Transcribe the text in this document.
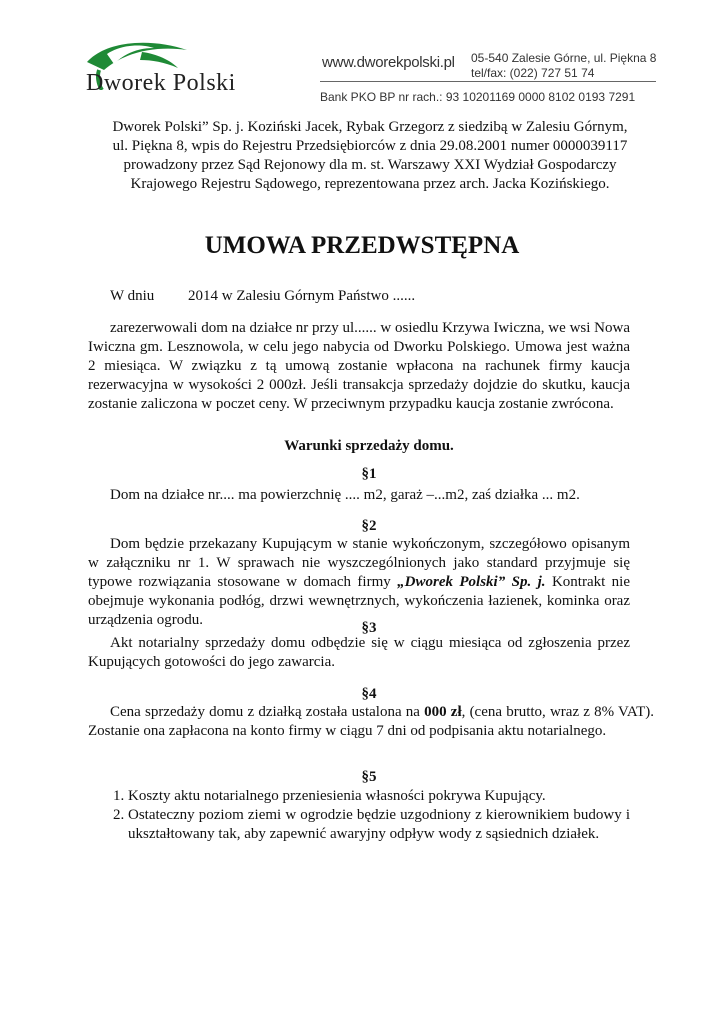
Dworek Polski
www.dworekpolski.pl 05-540 Zalesie Górne, ul. Piękna 8
tel/fax: (022) 727 51 74
Bank PKO BP nr rach.: 93 10201169 0000 8102 0193 7291
Dworek Polski” Sp. j. Koziński Jacek, Rybak Grzegorz z siedzibą w Zalesiu Górnym,
ul. Piękna 8, wpis do Rejestru Przedsiębiorców z dnia 29.08.2001 numer 0000039117
prowadzony przez Sąd Rejonowy dla m. st. Warszawy XXI Wydział Gospodarczy
Krajowego Rejestru Sądowego, reprezentowana przez arch. Jacka Kozińskiego.
UMOWA PRZEDWSTĘPNA
W dniu         2014 w Zalesiu Górnym Państwo ......
zarezerwowali dom na działce nr przy ul...... w osiedlu Krzywa Iwiczna, we wsi Nowa Iwiczna gm. Lesznowola, w celu jego nabycia od Dworku Polskiego. Umowa jest ważna 2 miesiąca. W związku z tą umową zostanie wpłacona na rachunek firmy kaucja rezerwacyjna w wysokości 2 000zł. Jeśli transakcja sprzedaży dojdzie do skutku, kaucja zostanie zaliczona w poczet ceny. W przeciwnym przypadku kaucja zostanie zwrócona.
Warunki sprzedaży domu.
§1
Dom na działce nr.... ma powierzchnię .... m2, garaż –...m2, zaś działka ... m2.
§2
Dom będzie przekazany Kupującym w stanie wykończonym, szczegółowo opisanym w załączniku nr 1. W sprawach nie wyszczególnionych jako standard przyjmuje się typowe rozwiązania stosowane w domach firmy „Dworek Polski” Sp. j. Kontrakt nie obejmuje wykonania podłóg, drzwi wewnętrznych, wykończenia łazienek, kominka oraz urządzenia ogrodu.	§3
Akt notarialny sprzedaży domu odbędzie się w ciągu miesiąca od zgłoszenia przez Kupujących gotowości do jego zawarcia.
§4
Cena sprzedaży domu z działką została ustalona na 000 zł, (cena brutto, wraz z 8% VAT). Zostanie ona zapłacona na konto firmy w ciągu 7 dni od podpisania aktu notarialnego.
§5
1. Koszty aktu notarialnego przeniesienia własności pokrywa Kupujący.
2. Ostateczny poziom ziemi w ogrodzie będzie uzgodniony z kierownikiem budowy i ukształtowany tak, aby zapewnić awaryjny odpływ wody z sąsiednich działek.
